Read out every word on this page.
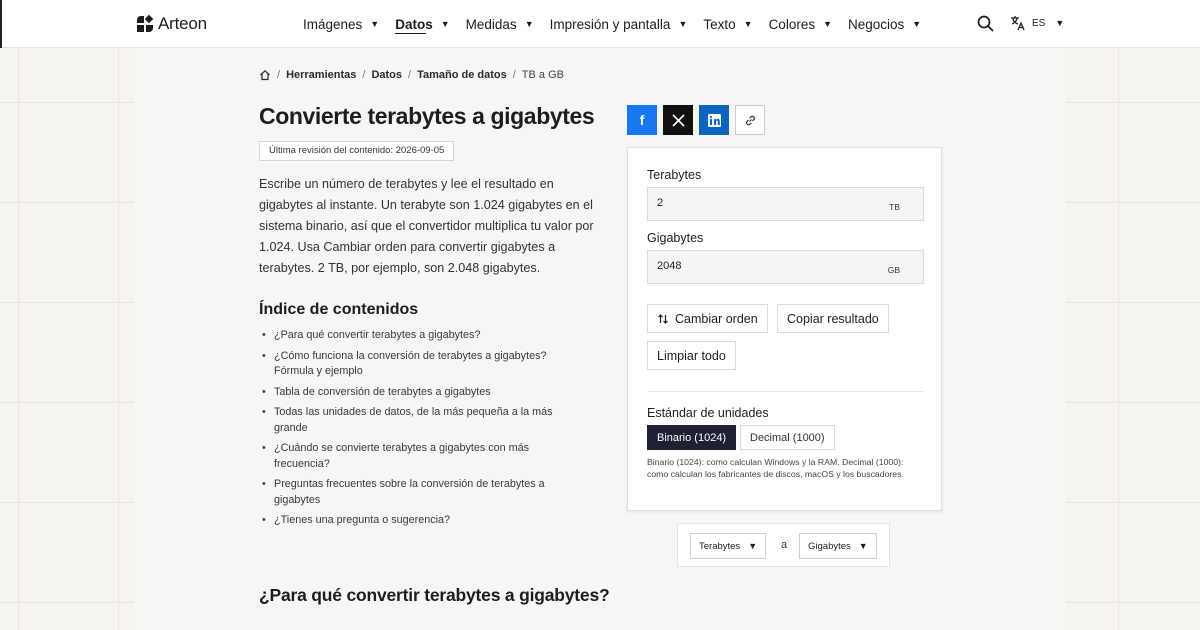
Arteon	Imágenes ▼ Datos ▼ Medidas ▼ Impresión y pantalla ▼ Texto ▼ Colores ▼ Negocios ▼	ES ▼
/ Herramientas / Datos / Tamaño de datos / TB a GB
Convierte terabytes a gigabytes
Última revisión del contenido: 2026-09-05

Escribe un número de terabytes y lee el resultado en gigabytes al instante. Un terabyte son 1.024 gigabytes en el sistema binario, así que el convertidor multiplica tu valor por 1.024. Usa Cambiar orden para convertir gigabytes a terabytes. 2 TB, por ejemplo, son 2.048 gigabytes.

Índice de contenidos
• ¿Para qué convertir terabytes a gigabytes?
• ¿Cómo funciona la conversión de terabytes a gigabytes? Fórmula y ejemplo
• Tabla de conversión de terabytes a gigabytes
• Todas las unidades de datos, de la más pequeña a la más grande
• ¿Cuándo se convierte terabytes a gigabytes con más frecuencia?
• Preguntas frecuentes sobre la conversión de terabytes a gigabytes
• ¿Tienes una pregunta o sugerencia?
¿Para qué convertir terabytes a gigabytes?
f
Terabytes
2
TB
Gigabytes
2048
GB
Cambiar orden	Copiar resultado
Limpiar todo
Estándar de unidades
Binario (1024)	Decimal (1000)

Binario (1024): como calculan Windows y la RAM. Decimal (1000): como calculan los fabricantes de discos, macOS y los buscadores.

Terabytes ▼ a Gigabytes ▼
